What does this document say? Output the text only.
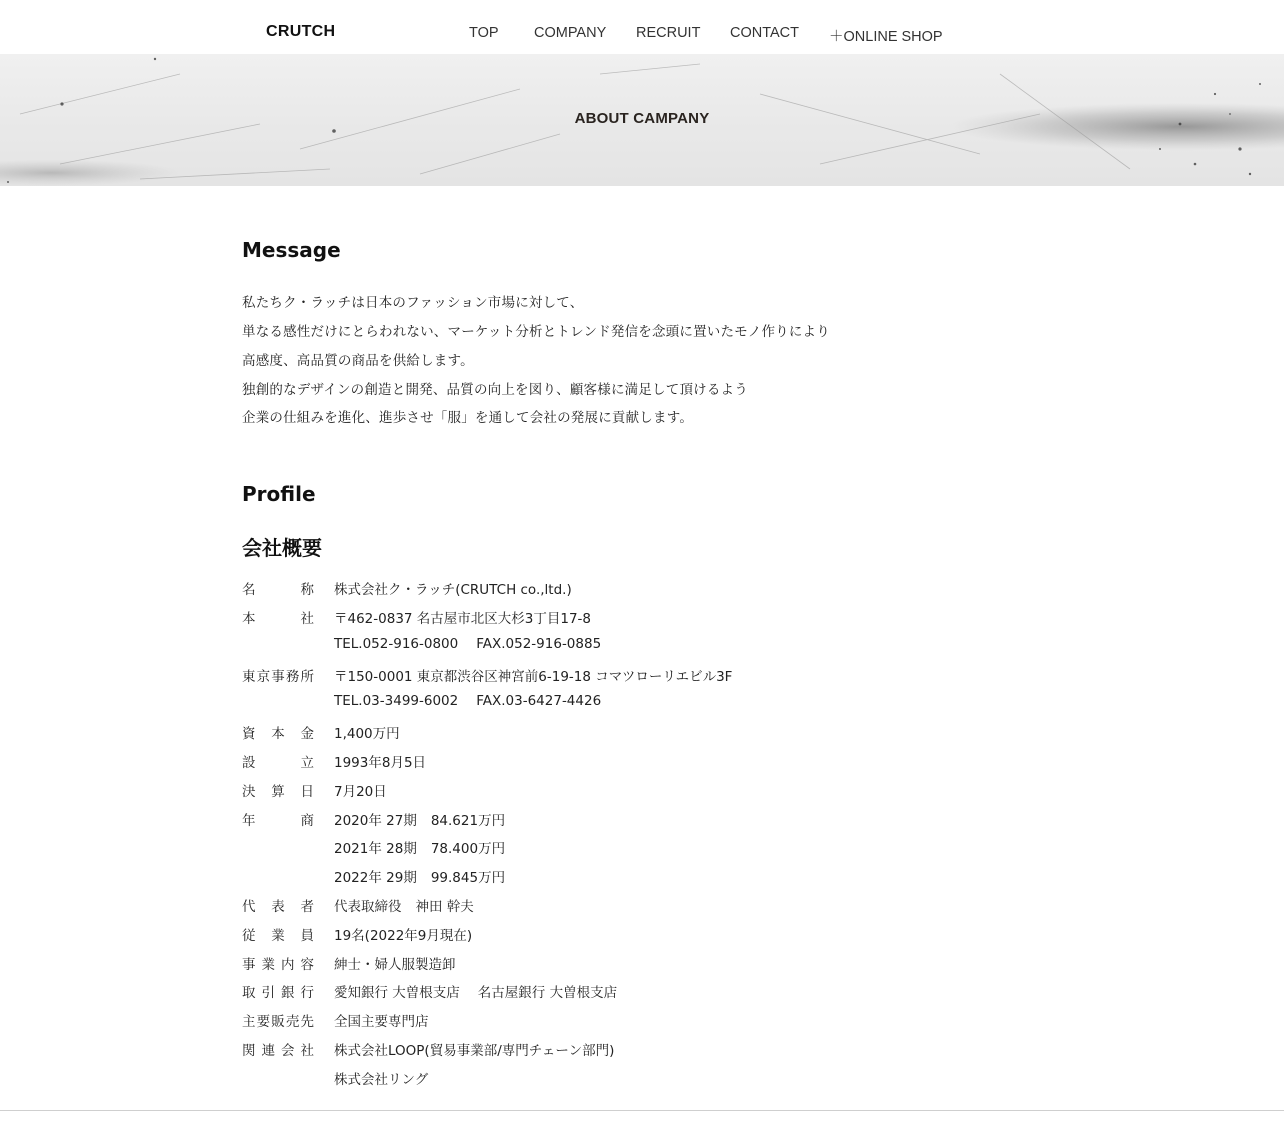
CRUTCH	TOP COMPANY RECRUIT CONTACT ＋ONLINE SHOP
ABOUT CAMPANY
Message
私たちク・ラッチは日本のファッション市場に対して、
単なる感性だけにとらわれない、マーケット分析とトレンド発信を念頭に置いたモノ作りにより
高感度、高品質の商品を供給します。
独創的なデザインの創造と開発、品質の向上を図り、顧客様に満足して頂けるよう
企業の仕組みを進化、進歩させ「服」を通して会社の発展に貢献します。
Profile
会社概要
名称 株式会社ク・ラッチ(CRUTCH co.,ltd.)
本社 〒462-0837 名古屋市北区大杉3丁目17-8
TEL.052-916-0800 FAX.052-916-0885
東京事務所 〒150-0001 東京都渋谷区神宮前6-19-18 コマツローリエビル3F
TEL.03-3499-6002 FAX.03-6427-4426
資本金 1,400万円
設立 1993年8月5日
決算日 7月20日
年商 2020年 27期 84.621万円
2021年 28期 78.400万円
2022年 29期 99.845万円
代表者 代表取締役 神田 幹夫
従業員 19名(2022年9月現在)
事業内容 紳士・婦人服製造卸
取引銀行 愛知銀行 大曽根支店 名古屋銀行 大曽根支店
主要販売先 全国主要専門店
関連会社 株式会社LOOP(貿易事業部/専門チェーン部門)
株式会社リング
